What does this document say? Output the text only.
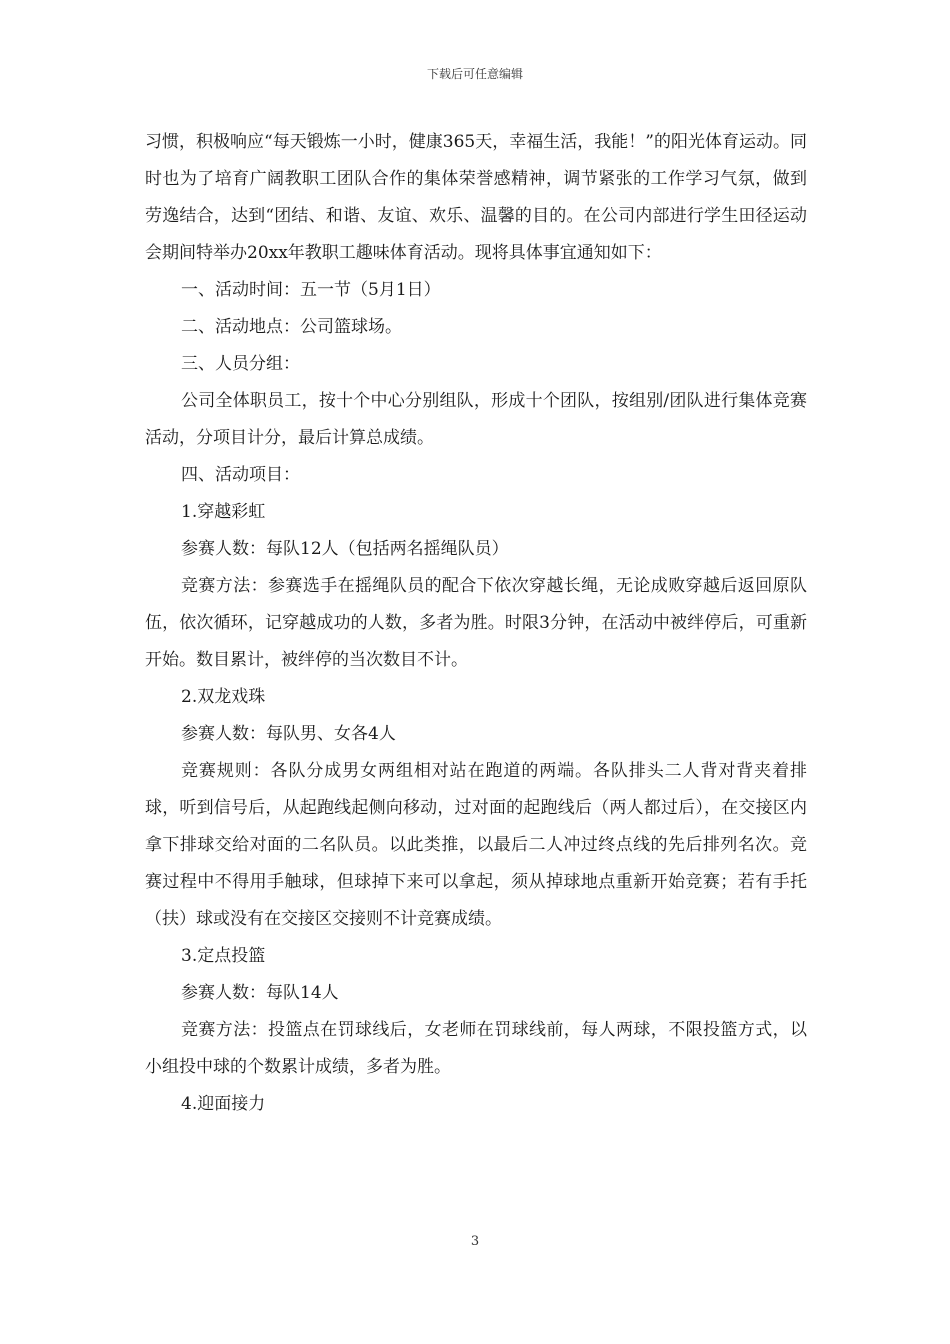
下载后可任意编辑

习惯，积极响应“每天锻炼一小时，健康365天，幸福生活，我能！”的阳光体育运动。同时也为了培育广阔教职工团队合作的集体荣誉感精神，调节紧张的工作学习气氛，做到劳逸结合，达到“团结、和谐、友谊、欢乐、温馨的目的。在公司内部进行学生田径运动会期间特举办20xx年教职工趣味体育活动。现将具体事宜通知如下：

一、活动时间：五一节（5月1日）

二、活动地点：公司篮球场。

三、人员分组：

公司全体职员工，按十个中心分别组队，形成十个团队，按组别/团队进行集体竞赛活动，分项目计分，最后计算总成绩。

四、活动项目：

1.穿越彩虹

参赛人数：每队12人（包括两名摇绳队员）

竞赛方法：参赛选手在摇绳队员的配合下依次穿越长绳，无论成败穿越后返回原队伍，依次循环，记穿越成功的人数，多者为胜。时限3分钟，在活动中被绊停后，可重新开始。数目累计，被绊停的当次数目不计。

2.双龙戏珠

参赛人数：每队男、女各4人

竞赛规则：各队分成男女两组相对站在跑道的两端。各队排头二人背对背夹着排球，听到信号后，从起跑线起侧向移动，过对面的起跑线后（两人都过后），在交接区内拿下排球交给对面的二名队员。以此类推，以最后二人冲过终点线的先后排列名次。竞赛过程中不得用手触球，但球掉下来可以拿起，须从掉球地点重新开始竞赛；若有手托（扶）球或没有在交接区交接则不计竞赛成绩。

3.定点投篮

参赛人数：每队14人

竞赛方法：投篮点在罚球线后，女老师在罚球线前，每人两球，不限投篮方式，以小组投中球的个数累计成绩，多者为胜。

4.迎面接力

3
